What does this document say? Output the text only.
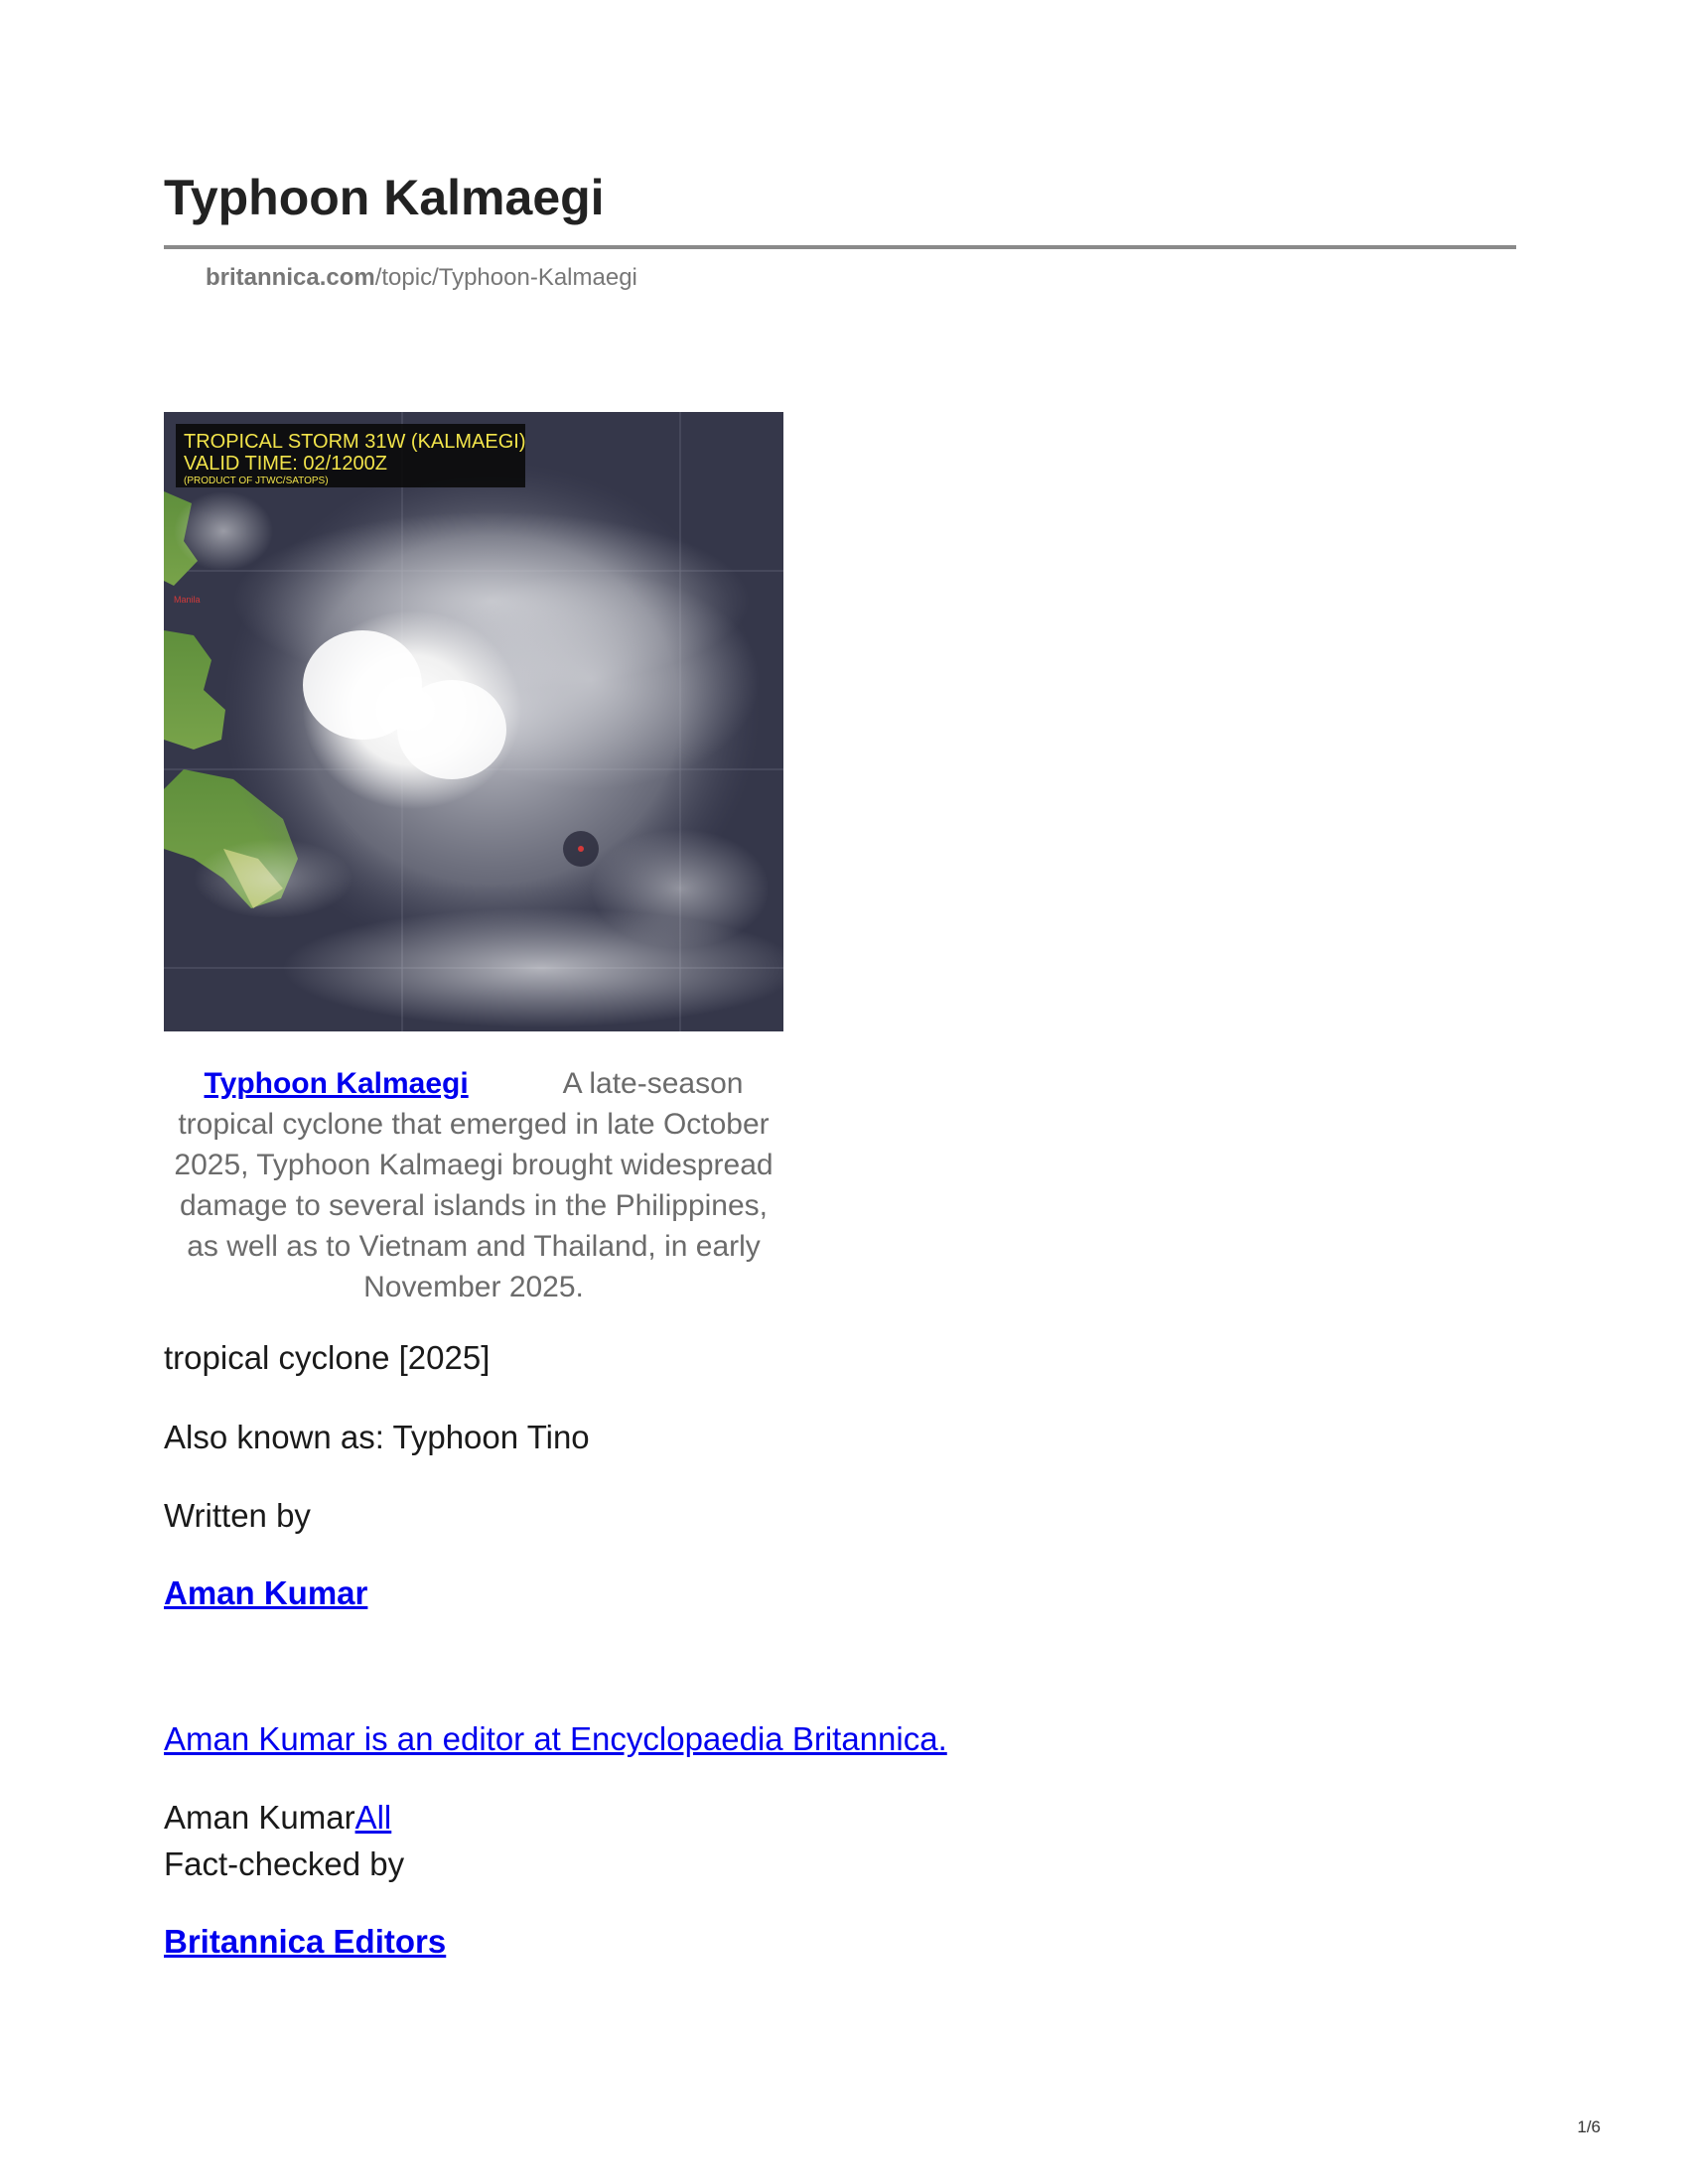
Typhoon Kalmaegi
britannica.com/topic/Typhoon-Kalmaegi
Manila
TROPICAL STORM 31W (KALMAEGI)
VALID TIME: 02/1200Z
(PRODUCT OF JTWC/SATOPS)
Typhoon Kalmaegi	A late-season tropical cyclone that emerged in late October 2025, Typhoon Kalmaegi brought widespread damage to several islands in the Philippines, as well as to Vietnam and Thailand, in early November 2025.
tropical cyclone [2025]
Also known as: Typhoon Tino
Written by
Aman Kumar
Aman Kumar is an editor at Encyclopaedia Britannica.
Aman KumarAll
Fact-checked by
Britannica Editors
1/6
